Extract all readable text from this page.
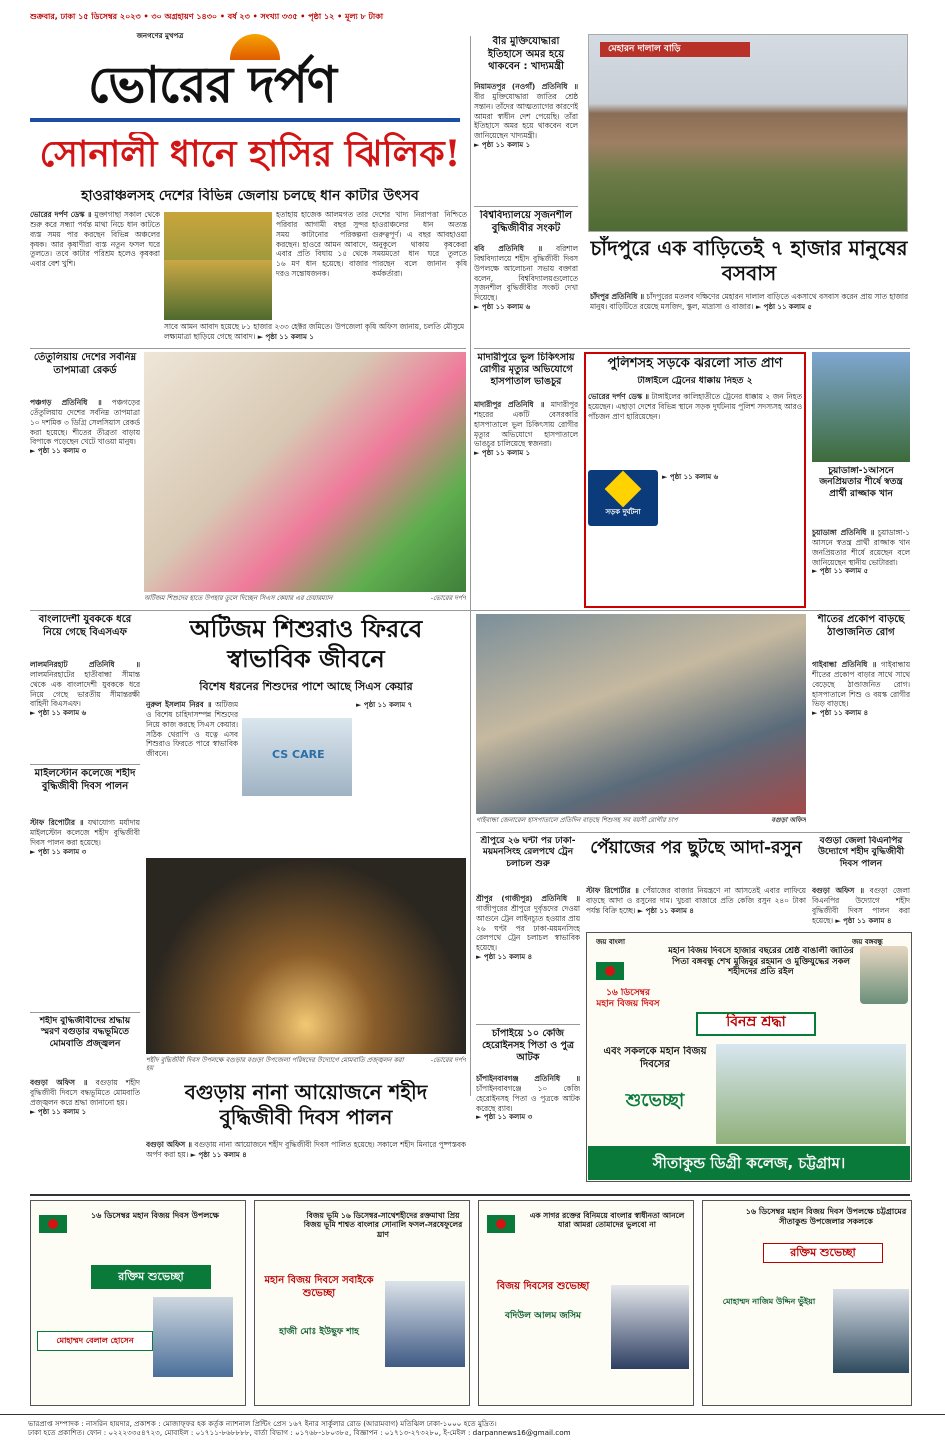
শুক্রবার, ঢাকা ১৫ ডিসেম্বর ২০২৩ • ৩০ অগ্রহায়ণ ১৪৩০ • বর্ষ ২৩ • সংখ্যা ৩৩৫ • পৃষ্ঠা ১২ • মূল্য ৮ টাকা
জনগণের মুখপত্র
ভোরের দর্পণ
সোনালী ধানে হাসির ঝিলিক!
হাওরাঞ্চলসহ দেশের বিভিন্ন জেলায় চলছে ধান কাটার উৎসব
ভোরের দর্পণ ডেস্ক ॥ মুক্তাগাছা সকাল থেকে শুরু করে সন্ধ্যা পর্যন্ত মাথা নিচে ধান কাটতে ব্যস্ত সময় পার করছেন বিভিন্ন অঞ্চলের কৃষক। আর কৃষাণীরা ব্যস্ত নতুন ফসল ঘরে তুলতে। তবে কাটার পরিশ্রম হলেও কৃষকরা এবার বেশ খুশি।
হতাহায় হাজেক আলমগত তার পরিবার আগামী বছর সুন্দর সময় কাটানোর পরিকল্পনা করছেন। হাওরে আমন আবাদে, এবার প্রতি বিঘায় ১৫ থেকে ১৬ মণ ধান হয়েছে। বাজার দরও সন্তোষজনক।
দেশের খাদ্য নিরাপত্তা নিশ্চিতে হাওরাঞ্চলের ধান অত্যন্ত গুরুত্বপূর্ণ। এ বছর আবহাওয়া অনুকূলে থাকায় কৃষকেরা সময়মতো ধান ঘরে তুলতে পারছেন বলে জানান কৃষি কর্মকর্তারা।
সাবে আমন আবাদ হয়েছে ৮১ হাজার ২৩৩ হেক্টর জমিতে। উপজেলা কৃষি অফিস জানায়, চলতি মৌসুমে লক্ষ্যমাত্রা ছাড়িয়ে গেছে আবাদ। ► পৃষ্ঠা ১১ কলাম ১
বীর মুক্তিযোদ্ধারা ইতিহাসে অমর হয়ে থাকবেন : খাদ্যমন্ত্রী
নিয়ামতপুর (নওগাঁ) প্রতিনিধি ॥ বীর মুক্তিযোদ্ধারা জাতির শ্রেষ্ঠ সন্তান। তাঁদের আত্মত্যাগের কারণেই আমরা স্বাধীন দেশ পেয়েছি। তাঁরা ইতিহাসে অমর হয়ে থাকবেন বলে জানিয়েছেন খাদ্যমন্ত্রী।
► পৃষ্ঠা ১১ কলাম ১
বিশ্ববিদ্যালয়ে সৃজনশীল বুদ্ধিজীবীর সংকট
ববি প্রতিনিধি ॥ বরিশাল বিশ্ববিদ্যালয়ে শহীদ বুদ্ধিজীবী দিবস উপলক্ষে আলোচনা সভায় বক্তারা বলেন, বিশ্ববিদ্যালয়গুলোতে সৃজনশীল বুদ্ধিজীবীর সংকট দেখা দিয়েছে।
► পৃষ্ঠা ১১ কলাম ৬
মেহারন দালাল বাড়ি
চাঁদপুরে এক বাড়িতেই ৭ হাজার মানুষের বসবাস
চাঁদপুর প্রতিনিধি ॥ চাঁদপুরের মতলব দক্ষিণের মেহারন দালাল বাড়িতে একসাথে বসবাস করেন প্রায় সাত হাজার মানুষ। বাড়িটিতে রয়েছে মসজিদ, স্কুল, মাদ্রাসা ও বাজার। ► পৃষ্ঠা ১১ কলাম ৫
তেঁতুলিয়ায় দেশের সর্বনিম্ন তাপমাত্রা রেকর্ড
পঞ্চগড় প্রতিনিধি ॥ পঞ্চগড়ের তেঁতুলিয়ায় দেশের সর্বনিম্ন তাপমাত্রা ১০ দশমিক ৩ ডিগ্রি সেলসিয়াস রেকর্ড করা হয়েছে। শীতের তীব্রতা বাড়ায় বিপাকে পড়েছেন খেটে খাওয়া মানুষ।
► পৃষ্ঠা ১১ কলাম ৩
অটিজম শিশুদের হাতে উপহার তুলে দিচ্ছেন সিএস কেয়ার এর চেয়ারম্যান	-ভোরের দর্পণ
মাদারীপুরে ভুল চিকিৎসায় রোগীর মৃত্যুর অভিযোগে হাসপাতাল ভাঙচুর
মাদারীপুর প্রতিনিধি ॥ মাদারীপুর শহরের একটি বেসরকারি হাসপাতালে ভুল চিকিৎসায় রোগীর মৃত্যুর অভিযোগে হাসপাতালে ভাঙচুর চালিয়েছে স্বজনরা।
► পৃষ্ঠা ১১ কলাম ১
পুলিশসহ সড়কে ঝরলো সাত প্রাণ
টাঙ্গাইলে ট্রেনের ধাক্কায় নিহত ২
সড়ক দুর্ঘটনা
ভোরের দর্পণ ডেস্ক ॥ টাঙ্গাইলের কালিহাতীতে ট্রেনের ধাক্কায় ২ জন নিহত হয়েছেন। এছাড়া দেশের বিভিন্ন স্থানে সড়ক দুর্ঘটনায় পুলিশ সদস্যসহ আরও পাঁচজন প্রাণ হারিয়েছেন।
► পৃষ্ঠা ১১ কলাম ৬
চুয়াডাঙ্গা-১আসনে জনপ্রিয়তার শীর্ষে স্বতন্ত্র প্রার্থী রাজ্জাক খান
চুয়াডাঙ্গা প্রতিনিধি ॥ চুয়াডাঙ্গা-১ আসনে স্বতন্ত্র প্রার্থী রাজ্জাক খান জনপ্রিয়তার শীর্ষে রয়েছেন বলে জানিয়েছেন স্থানীয় ভোটাররা।
► পৃষ্ঠা ১১ কলাম ৫
বাংলাদেশী যুবককে ধরে নিয়ে গেছে বিএসএফ
লালমনিরহাট প্রতিনিধি ॥ লালমনিরহাটের হাতীবান্ধা সীমান্ত থেকে এক বাংলাদেশী যুবককে ধরে নিয়ে গেছে ভারতীয় সীমান্তরক্ষী বাহিনী বিএসএফ।
► পৃষ্ঠা ১১ কলাম ৬
মাইলস্টোন কলেজে শহীদ বুদ্ধিজীবী দিবস পালন
স্টাফ রিপোর্টার ॥ যথাযোগ্য মর্যাদায় মাইলস্টোন কলেজে শহীদ বুদ্ধিজীবী দিবস পালন করা হয়েছে।
► পৃষ্ঠা ১১ কলাম ৩
শহীদ বুদ্ধিজীবীদের শ্রদ্ধায় স্মরণ বগুড়ার বদ্ধভূমিতে মোমবাতি প্রজ্জ্বলন
বগুড়া অফিস ॥ বগুড়ায় শহীদ বুদ্ধিজীবী দিবসে বদ্ধভূমিতে মোমবাতি প্রজ্জ্বলন করে শ্রদ্ধা জানানো হয়।
► পৃষ্ঠা ১১ কলাম ১
অটিজম শিশুরাও ফিরবে স্বাভাবিক জীবনে
বিশেষ ধরনের শিশুদের পাশে আছে সিএস কেয়ার
নুরুল ইসলাম নিরব ॥ অটিজম ও বিশেষ চাহিদাসম্পন্ন শিশুদের নিয়ে কাজ করছে সিএস কেয়ার। সঠিক থেরাপি ও যত্নে এসব শিশুরাও ফিরতে পারে স্বাভাবিক জীবনে।	CS CARE
► পৃষ্ঠা ১১ কলাম ৭
শহীদ বুদ্ধিজীবী দিবস উপলক্ষে বগুড়ার বগুড়া উপজেলা পরিষদের উদ্যোগে মোমবাতি প্রজ্জ্বলন করা হয়
-ভোরের দর্পণ
বগুড়ায় নানা আয়োজনে শহীদ বুদ্ধিজীবী দিবস পালন
বগুড়া অফিস ॥ বগুড়ায় নানা আয়োজনে শহীদ বুদ্ধিজীবী দিবস পালিত হয়েছে। সকালে শহীদ মিনারে পুষ্পস্তবক অর্পণ করা হয়। ► পৃষ্ঠা ১১ কলাম ৪
গাইবান্ধা জেনারেল হাসপাতালে প্রতিদিন বাড়ছে শিশুসহ সব বয়সী রোগীর চাপ	বগুড়া অফিস
শীতের প্রকোপ বাড়ছে ঠাণ্ডাজনিত রোগ
গাইবান্ধা প্রতিনিধি ॥ গাইবান্ধায় শীতের প্রকোপ বাড়ার সাথে সাথে বেড়েছে ঠাণ্ডাজনিত রোগ। হাসপাতালে শিশু ও বয়স্ক রোগীর ভিড় বাড়ছে।
► পৃষ্ঠা ১১ কলাম ৪
শ্রীপুরে ২৬ ঘন্টা পর ঢাকা-ময়মনসিংহ রেলপথে ট্রেন চলাচল শুরু
শ্রীপুর (গাজীপুর) প্রতিনিধি ॥ গাজীপুরের শ্রীপুরে দুর্বৃত্তদের দেওয়া আগুনে ট্রেন লাইনচ্যুত হওয়ার প্রায় ২৬ ঘণ্টা পর ঢাকা-ময়মনসিংহ রেলপথে ট্রেন চলাচল স্বাভাবিক হয়েছে।
► পৃষ্ঠা ১১ কলাম ৪
পেঁয়াজের পর ছুটছে আদা-রসুন
স্টাফ রিপোর্টার ॥ পেঁয়াজের বাজার নিয়ন্ত্রণে না আসতেই এবার লাফিয়ে বাড়ছে আদা ও রসুনের দাম। খুচরা বাজারে প্রতি কেজি রসুন ২৪০ টাকা পর্যন্ত বিক্রি হচ্ছে। ► পৃষ্ঠা ১১ কলাম ৪
বগুড়া জেলা বিএনপির উদ্যোগে শহীদ বুদ্ধিজীবী দিবস পালন
বগুড়া অফিস ॥ বগুড়া জেলা বিএনপির উদ্যোগে শহীদ বুদ্ধিজীবী দিবস পালন করা হয়েছে। ► পৃষ্ঠা ১১ কলাম ৪
চাঁপাইয়ে ১০ কেজি হেরোইনসহ পিতা ও পুত্র আটক
চাঁপাইনবাবগঞ্জ প্রতিনিধি ॥ চাঁপাইনবাবগঞ্জে ১০ কেজি হেরোইনসহ পিতা ও পুত্রকে আটক করেছে র‍্যাব।
► পৃষ্ঠা ১১ কলাম ৩
জয় বাংলা	জয় বঙ্গবন্ধু
১৬ ডিসেম্বর মহান বিজয় দিবস
মহান বিজয় দিবসে হাজার বছরের শ্রেষ্ঠ বাঙালী জাতির পিতা বঙ্গবন্ধু শেখ মুজিবুর রহমান ও মুক্তিযুদ্ধের সকল শহীদদের প্রতি রইল
বিনম্র শ্রদ্ধা
এবং সকলকে মহান বিজয় দিবসের
শুভেচ্ছা
সীতাকুন্ড ডিগ্রী কলেজ, চট্টগ্রাম।
১৬ ডিসেম্বর মহান বিজয় দিবস উপলক্ষে
রক্তিম শুভেচ্ছা
মোহাম্মদ বেলাল হোসেন
বিজয় ভূমি ১৬ ডিসেম্বর-সাথেশহীদের রক্তমাখা প্রিয় বিজয় ভূমি শাশ্বত বাংলার সোনালি ফসল-সরষেফুলের ঘ্রাণ
মহান বিজয় দিবসে সবাইকে শুভেচ্ছা
হাজী মোঃ ইউছুফ শাহ
এক সাগর রক্তের বিনিময়ে বাংলার স্বাধীনতা আনলে যারা আমরা তোমাদের ভুলবো না
বিজয় দিবসের শুভেচ্ছা
বদিউল আলম জসিম
১৬ ডিসেম্বর মহান বিজয় দিবস উপলক্ষে চট্টগ্রামের সীতাকুন্ড উপজেলার সকলকে
রক্তিম শুভেচ্ছা
মোহাম্মদ নাজিম উদ্দিন ভুঁইয়া
ভারপ্রাপ্ত সম্পাদক : নাসরিন হায়দার, প্রকাশক : মোজাফ্ফর হক কর্তৃক ন্যাশনাল প্রিন্টিং প্রেস ১৬৭ ইনার সার্কুলার রোড (আরামবাগ) মতিঝিল ঢাকা-১০০০ হতে মুদ্রিত।
ঢাকা হতে প্রকাশিত। ফোন : ০২২২৩৩৫৪৭২৩, মোবাইল : ০১৭১১-৮৬৮৮৮৮, বার্তা বিভাগ : ০১৭৬৮-১৮০৩৮৫, বিজ্ঞাপন : ০১৭১৩-২৭৩২৮০, ই-মেইল : darpannews16@gmail.com
